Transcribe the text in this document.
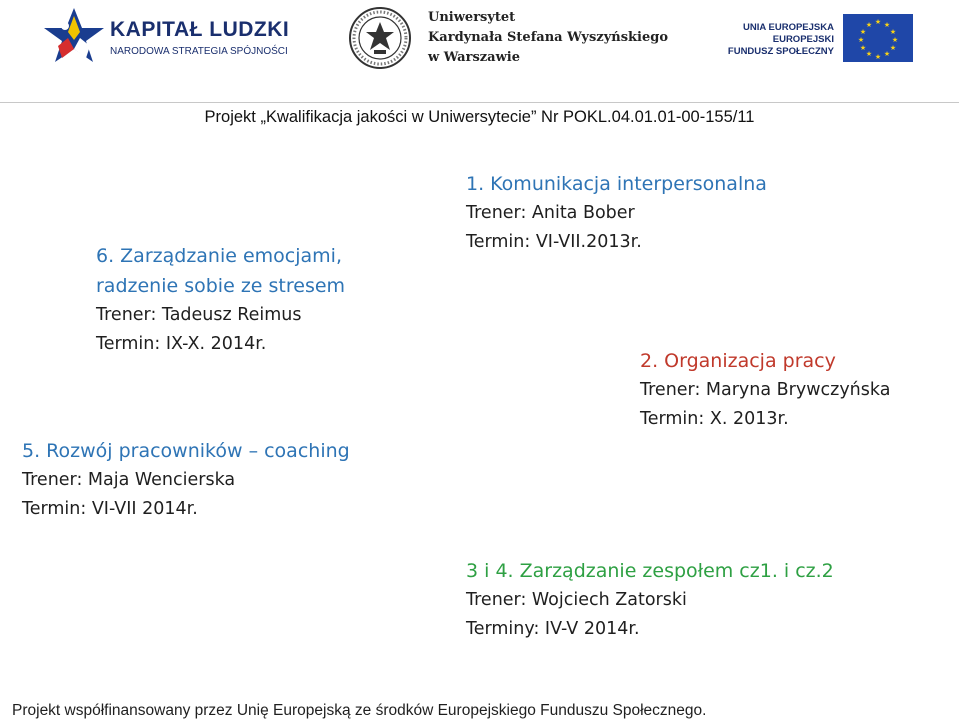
KAPITAŁ LUDZKI
NARODOWA STRATEGIA SPÓJNOŚCI
Uniwersytet
Kardynała Stefana Wyszyńskiego
w Warszawie
UNIA EUROPEJSKA
EUROPEJSKI
FUNDUSZ SPOŁECZNY
★ ★
★
★
★
★
★
★
★
★
★
★
Projekt „Kwalifikacja jakości w Uniwersytecie” Nr POKL.04.01.01-00-155/11
6. Zarządzanie emocjami,
radzenie sobie ze stresem
Trener: Tadeusz Reimus
Termin: IX-X. 2014r.
5. Rozwój pracowników – coaching
Trener: Maja Wencierska
Termin: VI-VII 2014r.
1. Komunikacja interpersonalna
Trener: Anita Bober
Termin: VI-VII.2013r.
2. Organizacja pracy
Trener: Maryna Brywczyńska
Termin: X. 2013r.
3 i 4. Zarządzanie zespołem cz1. i cz.2
Trener: Wojciech Zatorski
Terminy: IV-V 2014r.
Projekt współfinansowany przez Unię Europejską ze środków Europejskiego Funduszu Społecznego.
